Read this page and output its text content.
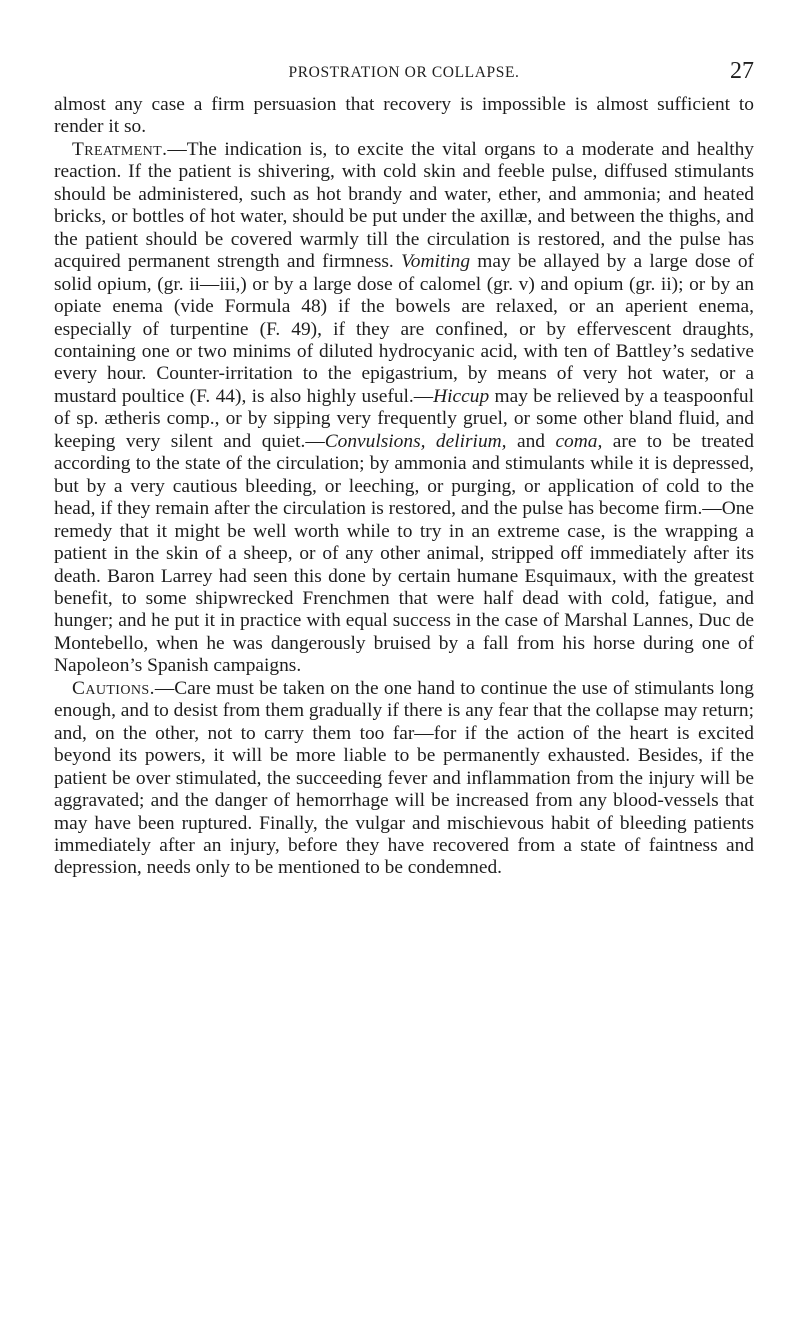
PROSTRATION OR COLLAPSE.	27

almost any case a firm persuasion that recovery is impossible is almost sufficient to render it so.

Treatment.—The indication is, to excite the vital organs to a moderate and healthy reaction. If the patient is shivering, with cold skin and feeble pulse, diffused stimulants should be administered, such as hot brandy and water, ether, and ammonia; and heated bricks, or bottles of hot water, should be put under the axillæ, and between the thighs, and the patient should be covered warmly till the circulation is restored, and the pulse has acquired permanent strength and firmness. Vomiting may be allayed by a large dose of solid opium, (gr. ii—iii,) or by a large dose of calomel (gr. v) and opium (gr. ii); or by an opiate enema (vide Formula 48) if the bowels are relaxed, or an aperient enema, especially of turpentine (F. 49), if they are confined, or by effervescent draughts, containing one or two minims of diluted hydrocyanic acid, with ten of Battley’s sedative every hour. Counter-irritation to the epigastrium, by means of very hot water, or a mustard poultice (F. 44), is also highly useful.—Hiccup may be relieved by a teaspoonful of sp. ætheris comp., or by sipping very frequently gruel, or some other bland fluid, and keeping very silent and quiet.—Convulsions, delirium, and coma, are to be treated according to the state of the circulation; by ammonia and stimulants while it is depressed, but by a very cautious bleeding, or leeching, or purging, or application of cold to the head, if they remain after the circulation is restored, and the pulse has become firm.—One remedy that it might be well worth while to try in an extreme case, is the wrapping a patient in the skin of a sheep, or of any other animal, stripped off immediately after its death. Baron Larrey had seen this done by certain humane Esquimaux, with the greatest benefit, to some shipwrecked Frenchmen that were half dead with cold, fatigue, and hunger; and he put it in practice with equal success in the case of Marshal Lannes, Duc de Montebello, when he was dangerously bruised by a fall from his horse during one of Napoleon’s Spanish campaigns.

Cautions.—Care must be taken on the one hand to continue the use of stimulants long enough, and to desist from them gradually if there is any fear that the collapse may return; and, on the other, not to carry them too far—for if the action of the heart is excited beyond its powers, it will be more liable to be permanently exhausted. Besides, if the patient be over stimulated, the succeeding fever and inflammation from the injury will be aggravated; and the danger of hemorrhage will be increased from any blood-vessels that may have been ruptured. Finally, the vulgar and mischievous habit of bleeding patients immediately after an injury, before they have recovered from a state of faintness and depression, needs only to be mentioned to be condemned.
